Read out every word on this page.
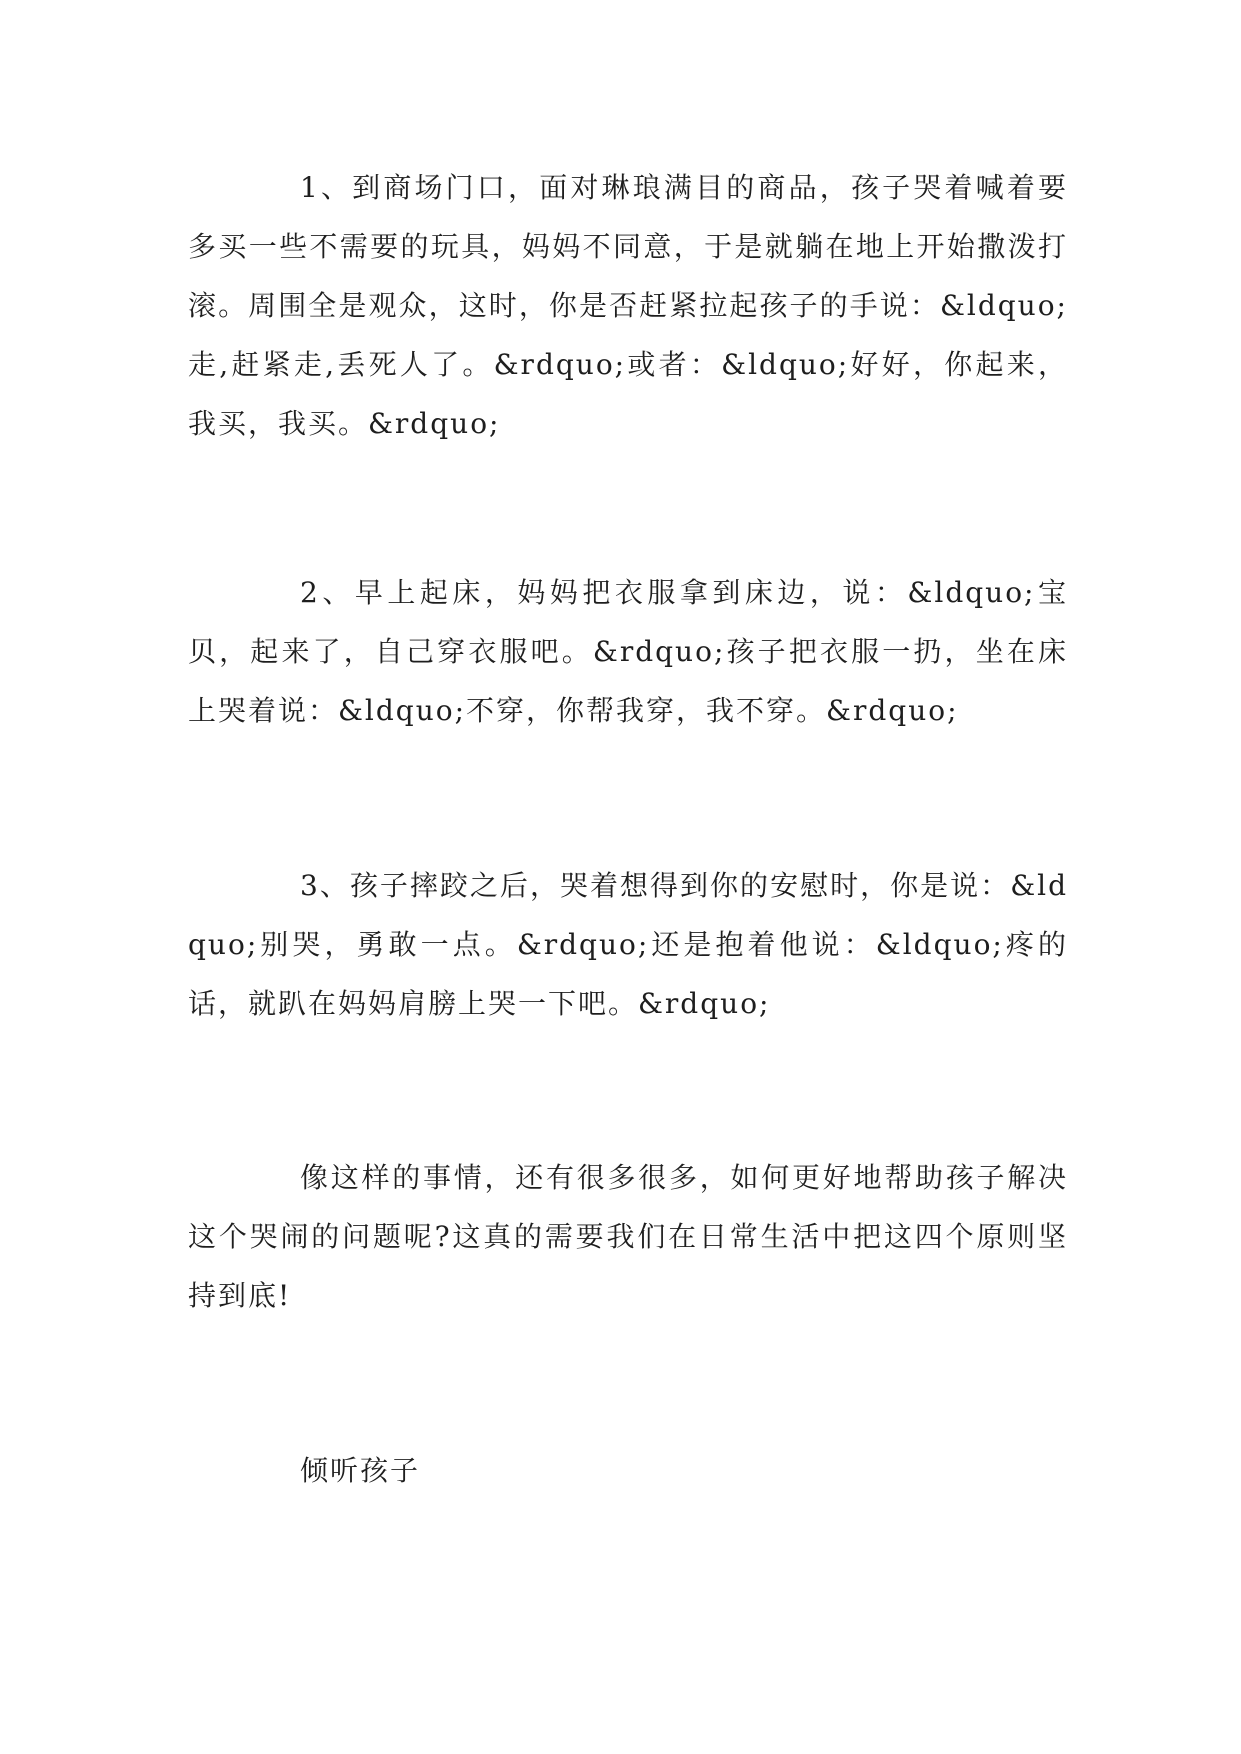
1、到商场门口，面对琳琅满目的商品，孩子哭着喊着要多买一些不需要的玩具，妈妈不同意，于是就躺在地上开始撒泼打滚。周围全是观众，这时，你是否赶紧拉起孩子的手说：&ldquo;走,赶紧走,丢死人了。&rdquo;或者：&ldquo;好好，你起来，我买，我买。&rdquo;

2、早上起床，妈妈把衣服拿到床边，说：&ldquo;宝贝，起来了，自己穿衣服吧。&rdquo;孩子把衣服一扔，坐在床上哭着说：&ldquo;不穿，你帮我穿，我不穿。&rdquo;

3、孩子摔跤之后，哭着想得到你的安慰时，你是说：&ldquo;别哭，勇敢一点。&rdquo;还是抱着他说：&ldquo;疼的话，就趴在妈妈肩膀上哭一下吧。&rdquo;

像这样的事情，还有很多很多，如何更好地帮助孩子解决这个哭闹的问题呢?这真的需要我们在日常生活中把这四个原则坚持到底!

倾听孩子
